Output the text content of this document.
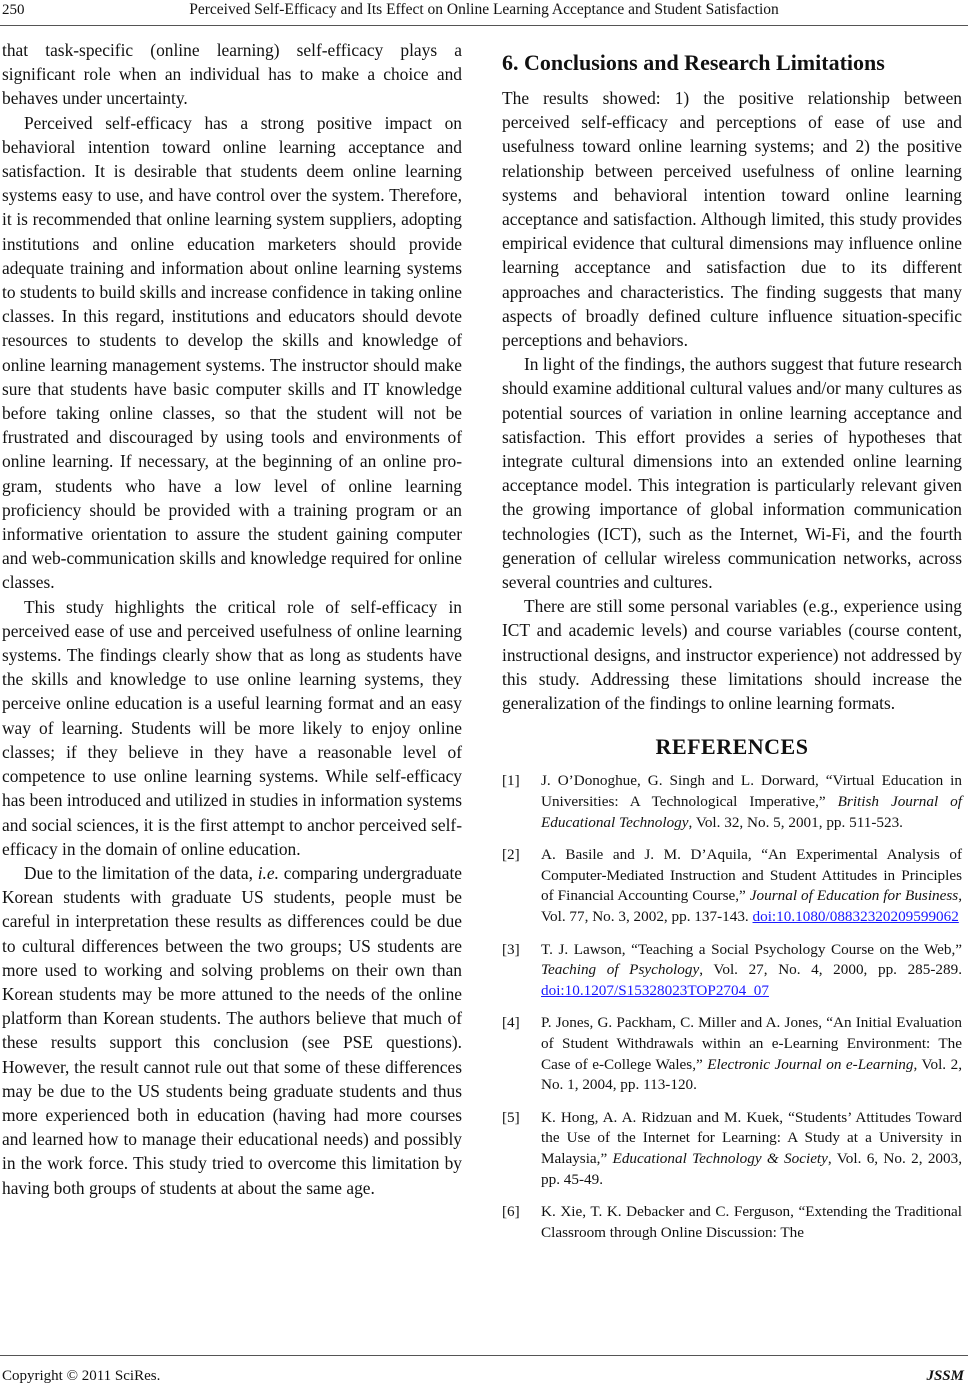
250	Perceived Self-Efficacy and Its Effect on Online Learning Acceptance and Student Satisfaction

that task-specific (online learning) self-efficacy plays a significant role when an individual has to make a choice and behaves under uncertainty.

Perceived self-efficacy has a strong positive impact on behavioral intention toward online learning acceptance and satisfaction. It is desirable that students deem online learning systems easy to use, and have control over the system. Therefore, it is recommended that online learning system suppliers, adopting institutions and online education marketers should provide adequate training and information about online learning systems to students to build skills and increase confidence in taking online classes. In this regard, institutions and educators should devote resources to students to develop the skills and knowledge of online learning management systems. The instructor should make sure that students have basic computer skills and IT knowledge before taking online classes, so that the student will not be frustrated and discouraged by using tools and environments of online learning. If necessary, at the beginning of an online program, students who have a low level of online learning proficiency should be provided with a training program or an informative orientation to assure the student gaining computer and web-communication skills and knowledge required for online classes.

This study highlights the critical role of self-efficacy in perceived ease of use and perceived usefulness of online learning systems. The findings clearly show that as long as students have the skills and knowledge to use online learning systems, they perceive online education is a useful learning format and an easy way of learning. Students will be more likely to enjoy online classes; if they believe in they have a reasonable level of competence to use online learning systems. While self-efficacy has been introduced and utilized in studies in information systems and social sciences, it is the first attempt to anchor perceived self-efficacy in the domain of online education.

Due to the limitation of the data, i.e. comparing undergraduate Korean students with graduate US students, people must be careful in interpretation these results as differences could be due to cultural differences between the two groups; US students are more used to working and solving problems on their own than Korean students may be more attuned to the needs of the online platform than Korean students. The authors believe that much of these results support this conclusion (see PSE questions). However, the result cannot rule out that some of these differences may be due to the US students being graduate students and thus more experienced both in education (having had more courses and learned how to manage their educational needs) and possibly in the work force. This study tried to overcome this limitation by having both groups of students at about the same age.

6. Conclusions and Research Limitations

The results showed: 1) the positive relationship between perceived self-efficacy and perceptions of ease of use and usefulness toward online learning systems; and 2) the positive relationship between perceived usefulness of online learning systems and behavioral intention toward online learning acceptance and satisfaction. Although limited, this study provides empirical evidence that cultural dimensions may influence online learning acceptance and satisfaction due to its different approaches and characteristics. The finding suggests that many aspects of broadly defined culture influence situation-specific perceptions and behaviors.

In light of the findings, the authors suggest that future research should examine additional cultural values and/or many cultures as potential sources of variation in online learning acceptance and satisfaction. This effort provides a series of hypotheses that integrate cultural dimensions into an extended online learning acceptance model. This integration is particularly relevant given the growing importance of global information communication technologies (ICT), such as the Internet, Wi-Fi, and the fourth generation of cellular wireless communication networks, across several countries and cultures.

There are still some personal variables (e.g., experience using ICT and academic levels) and course variables (course content, instructional designs, and instructor experience) not addressed by this study. Addressing these limitations should increase the generalization of the findings to online learning formats.

REFERENCES
[1] J. O’Donoghue, G. Singh and L. Dorward, “Virtual Education in Universities: A Technological Imperative,” British Journal of Educational Technology, Vol. 32, No. 5, 2001, pp. 511-523.
[2] A. Basile and J. M. D’Aquila, “An Experimental Analysis of Computer-Mediated Instruction and Student Attitudes in Principles of Financial Accounting Course,” Journal of Education for Business, Vol. 77, No. 3, 2002, pp. 137-143. doi:10.1080/08832320209599062
[3] T. J. Lawson, “Teaching a Social Psychology Course on the Web,” Teaching of Psychology, Vol. 27, No. 4, 2000, pp. 285-289. doi:10.1207/S15328023TOP2704_07
[4] P. Jones, G. Packham, C. Miller and A. Jones, “An Initial Evaluation of Student Withdrawals within an e-Learning Environment: The Case of e-College Wales,” Electronic Journal on e-Learning, Vol. 2, No. 1, 2004, pp. 113-120.
[5] K. Hong, A. A. Ridzuan and M. Kuek, “Students’ Attitudes Toward the Use of the Internet for Learning: A Study at a University in Malaysia,” Educational Technology & Society, Vol. 6, No. 2, 2003, pp. 45-49.
[6] K. Xie, T. K. Debacker and C. Ferguson, “Extending the Traditional Classroom through Online Discussion: The
Copyright © 2011 SciRes.	JSSM
